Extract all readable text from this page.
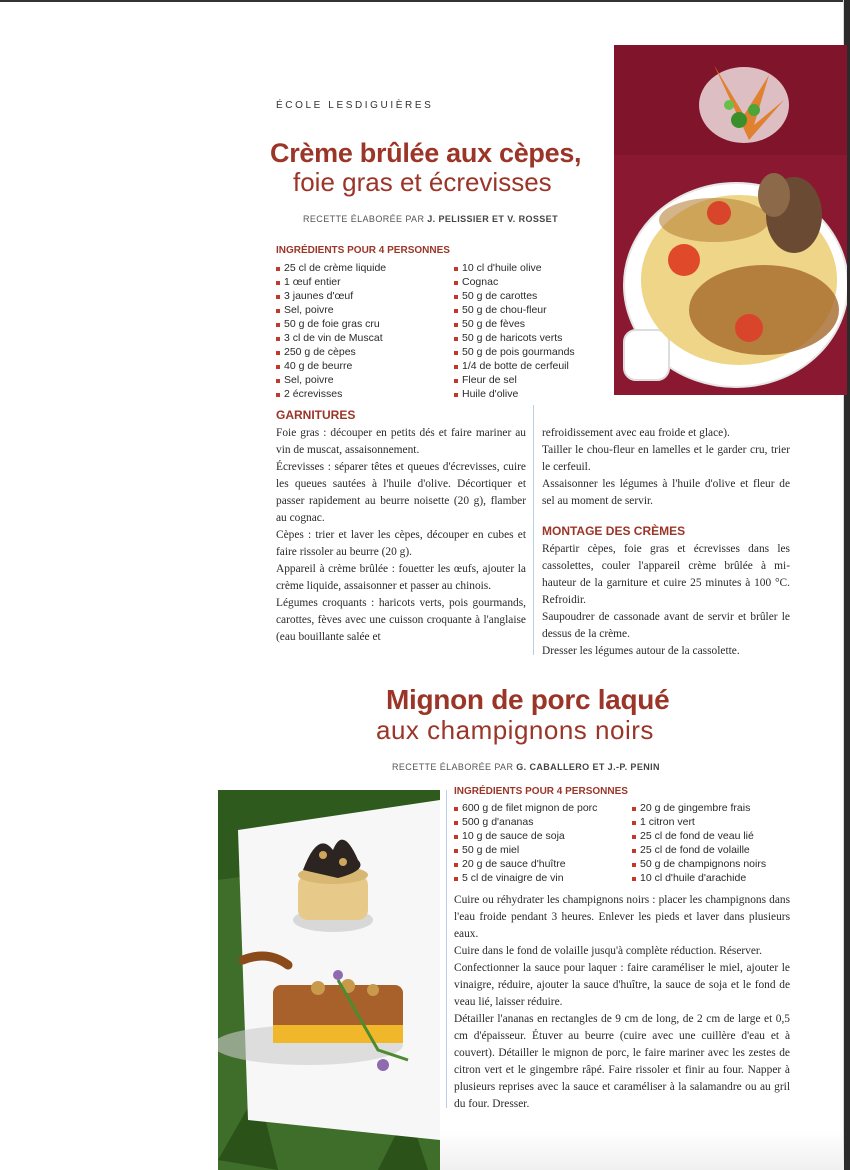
ÉCOLE LESDIGUIÈRES
Crème brûlée aux cèpes,
foie gras et écrevisses
RECETTE ÉLABORÉE PAR J. PELISSIER ET V. ROSSET
INGRÉDIENTS POUR 4 PERSONNES
25 cl de crème liquide
1 œuf entier
3 jaunes d'œuf
Sel, poivre
50 g de foie gras cru
3 cl de vin de Muscat
250 g de cèpes
40 g de beurre
Sel, poivre
2 écrevisses
10 cl d'huile olive
Cognac
50 g de carottes
50 g de chou-fleur
50 g de fèves
50 g de haricots verts
50 g de pois gourmands
1/4 de botte de cerfeuil
Fleur de sel
Huile d'olive
GARNITURES

Foie gras : découper en petits dés et faire mariner au vin de muscat, assaisonnement.

Écrevisses : séparer têtes et queues d'écrevisses, cuire les queues sautées à l'huile d'olive. Décortiquer et passer rapidement au beurre noisette (20 g), flamber au cognac.

Cèpes : trier et laver les cèpes, découper en cubes et faire rissoler au beurre (20 g).

Appareil à crème brûlée : fouetter les œufs, ajouter la crème liquide, assaisonner et passer au chinois.

Légumes croquants : haricots verts, pois gourmands, carottes, fèves avec une cuisson croquante à l'anglaise (eau bouillante salée et

refroidissement avec eau froide et glace).

Tailler le chou-fleur en lamelles et le garder cru, trier le cerfeuil.

Assaisonner les légumes à l'huile d'olive et fleur de sel au moment de servir.

MONTAGE DES CRÈMES

Répartir cèpes, foie gras et écrevisses dans les cassolettes, couler l'appareil crème brûlée à mi-hauteur de la garniture et cuire 25 minutes à 100 °C. Refroidir.

Saupoudrer de cassonade avant de servir et brûler le dessus de la crème.

Dresser les légumes autour de la cassolette.

Mignon de porc laqué
aux champignons noirs
RECETTE ÉLABORÉE PAR G. CABALLERO ET J.-P. PENIN
INGRÉDIENTS POUR 4 PERSONNES
600 g de filet mignon de porc
500 g d'ananas
10 g de sauce de soja
50 g de miel
20 g de sauce d'huître
5 cl de vinaigre de vin
20 g de gingembre frais
1 citron vert
25 cl de fond de veau lié
25 cl de fond de volaille
50 g de champignons noirs
10 cl d'huile d'arachide

Cuire ou réhydrater les champignons noirs : placer les champignons dans l'eau froide pendant 3 heures. Enlever les pieds et laver dans plusieurs eaux.

Cuire dans le fond de volaille jusqu'à complète réduction. Réserver.

Confectionner la sauce pour laquer : faire caraméliser le miel, ajouter le vinaigre, réduire, ajouter la sauce d'huître, la sauce de soja et le fond de veau lié, laisser réduire.

Détailler l'ananas en rectangles de 9 cm de long, de 2 cm de large et 0,5 cm d'épaisseur. Étuver au beurre (cuire avec une cuillère d'eau et à couvert). Détailler le mignon de porc, le faire mariner avec les zestes de citron vert et le gingembre râpé. Faire rissoler et finir au four. Napper à plusieurs reprises avec la sauce et caraméliser à la salamandre ou au gril du four. Dresser.
